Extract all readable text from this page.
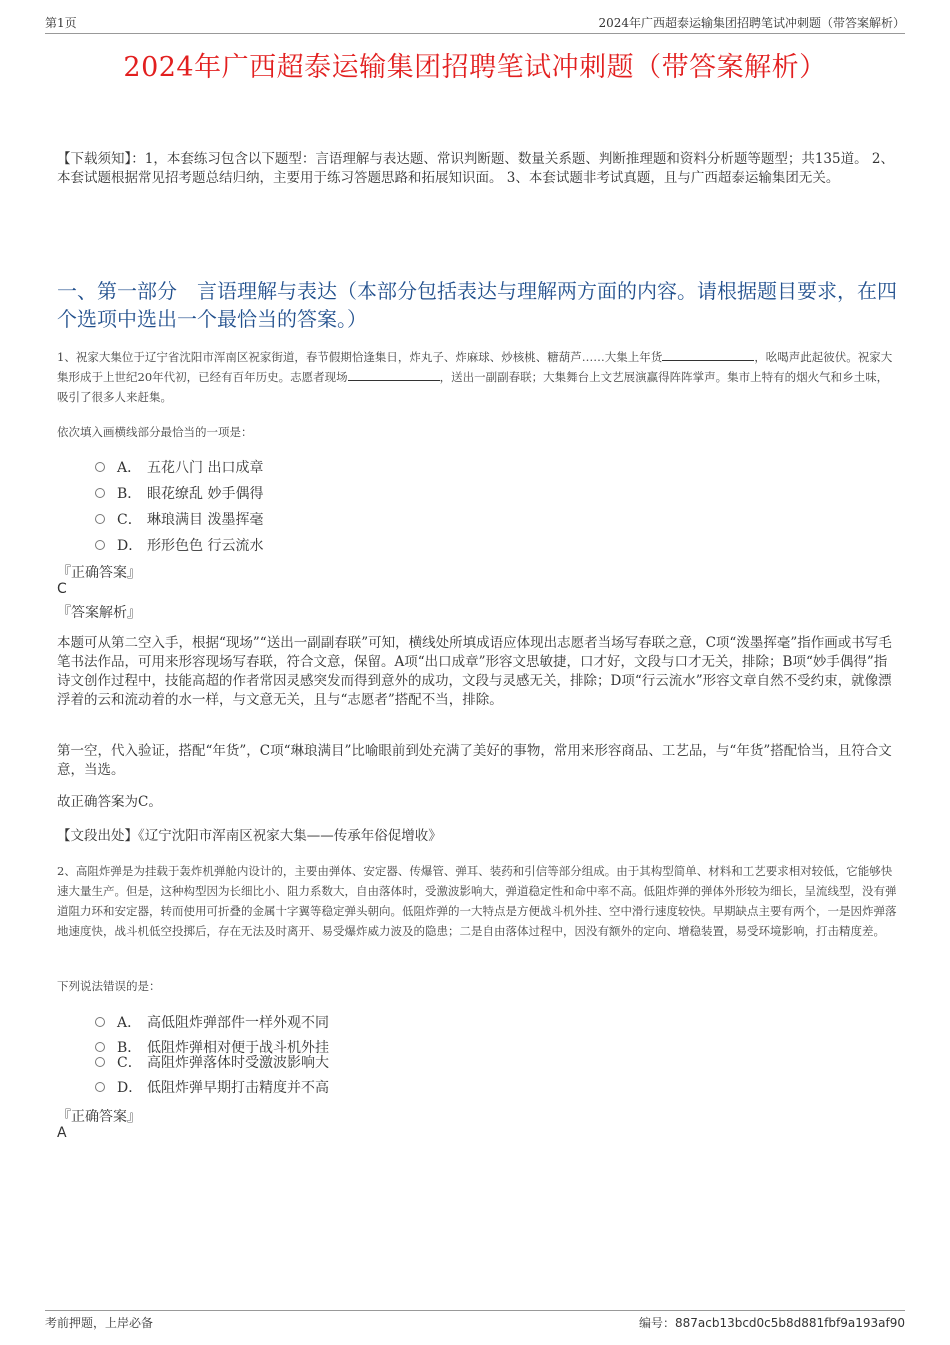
第1页	2024年广西超泰运输集团招聘笔试冲刺题（带答案解析）
2024年广西超泰运输集团招聘笔试冲刺题（带答案解析）
【下载须知】：1，本套练习包含以下题型：言语理解与表达题、常识判断题、数量关系题、判断推理题和资料分析题等题型；共135道。 2、本套试题根据常见招考题总结归纳，主要用于练习答题思路和拓展知识面。 3、本套试题非考试真题，且与广西超泰运输集团无关。
一、第一部分　言语理解与表达（本部分包括表达与理解两方面的内容。请根据题目要求，在四个选项中选出一个最恰当的答案。）
1、祝家大集位于辽宁省沈阳市浑南区祝家街道，春节假期恰逢集日，炸丸子、炸麻球、炒核桃、糖葫芦……大集上年货	，吆喝声此起彼伏。祝家大集形成于上世纪20年代初，已经有百年历史。志愿者现场	，送出一副副春联；大集舞台上文艺展演赢得阵阵掌声。集市上特有的烟火气和乡土味，吸引了很多人来赶集。
依次填入画横线部分最恰当的一项是：
A． 五花八门 出口成章
B． 眼花缭乱 妙手偶得
C． 琳琅满目 泼墨挥毫
D． 形形色色 行云流水
『正确答案』
C
『答案解析』
本题可从第二空入手，根据“现场”“送出一副副春联”可知，横线处所填成语应体现出志愿者当场写春联之意，C项“泼墨挥毫”指作画或书写毛笔书法作品，可用来形容现场写春联，符合文意，保留。A项“出口成章”形容文思敏捷，口才好，文段与口才无关，排除；B项“妙手偶得”指诗文创作过程中，技能高超的作者常因灵感突发而得到意外的成功，文段与灵感无关，排除；D项“行云流水”形容文章自然不受约束，就像漂浮着的云和流动着的水一样，与文意无关，且与“志愿者”搭配不当，排除。
第一空，代入验证，搭配“年货”，C项“琳琅满目”比喻眼前到处充满了美好的事物，常用来形容商品、工艺品，与“年货”搭配恰当，且符合文意，当选。
故正确答案为C。
【文段出处】《辽宁沈阳市浑南区祝家大集——传承年俗促增收》
2、高阻炸弹是为挂载于轰炸机弹舱内设计的，主要由弹体、安定器、传爆管、弹耳、装药和引信等部分组成。由于其构型简单、材料和工艺要求相对较低，它能够快速大量生产。但是，这种构型因为长细比小、阻力系数大，自由落体时，受激波影响大，弹道稳定性和命中率不高。低阻炸弹的弹体外形较为细长，呈流线型，没有弹道阻力环和安定器，转而使用可折叠的金属十字翼等稳定弹头朝向。低阻炸弹的一大特点是方便战斗机外挂、空中滑行速度较快。早期缺点主要有两个，一是因炸弹落地速度快，战斗机低空投掷后，存在无法及时离开、易受爆炸威力波及的隐患；二是自由落体过程中，因没有额外的定向、增稳装置，易受环境影响，打击精度差。
下列说法错误的是：
A． 高低阻炸弹部件一样外观不同
B． 低阻炸弹相对便于战斗机外挂
C． 高阻炸弹落体时受激波影响大
D． 低阻炸弹早期打击精度并不高
『正确答案』
A
考前押题，上岸必备	编号：887acb13bcd0c5b8d881fbf9a193af90
